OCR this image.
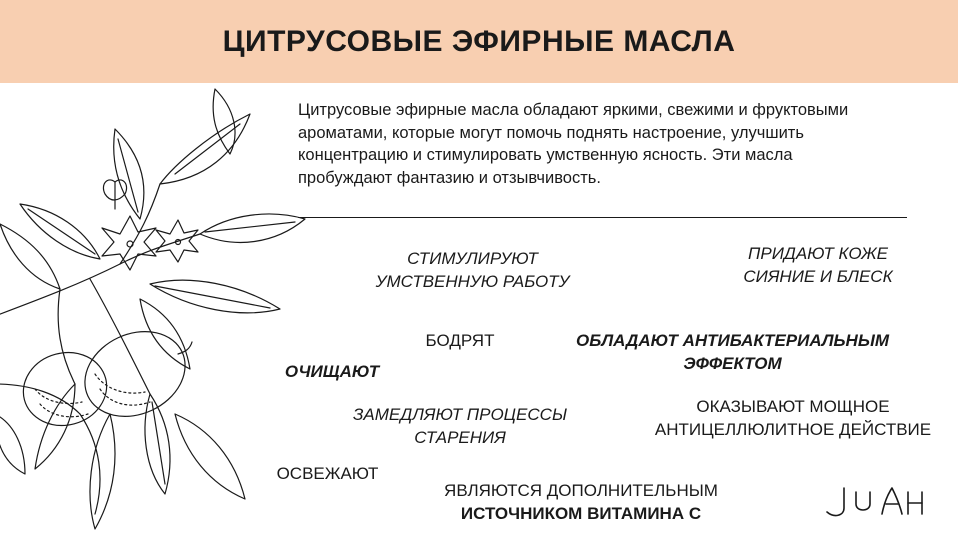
ЦИТРУСОВЫЕ ЭФИРНЫЕ МАСЛА

Цитрусовые эфирные масла обладают яркими, свежими и фруктовыми ароматами, которые могут помочь поднять настроение, улучшить концентрацию и стимулировать умственную ясность. Эти масла пробуждают фантазию и отзывчивость.

СТИМУЛИРУЮТ
УМСТВЕННУЮ РАБОТУ
ПРИДАЮТ КОЖЕ
СИЯНИЕ И БЛЕСК
БОДРЯТ	ОБЛАДАЮТ АНТИБАКТЕРИАЛЬНЫМ
ЭФФЕКТОМ
ОЧИЩАЮТ
ЗАМЕДЛЯЮТ ПРОЦЕССЫ
СТАРЕНИЯ
ОКАЗЫВАЮТ МОЩНОЕ
АНТИЦЕЛЛЮЛИТНОЕ ДЕЙСТВИЕ
ОСВЕЖАЮТ
ЯВЛЯЮТСЯ ДОПОЛНИТЕЛЬНЫМ
ИСТОЧНИКОМ ВИТАМИНА С
